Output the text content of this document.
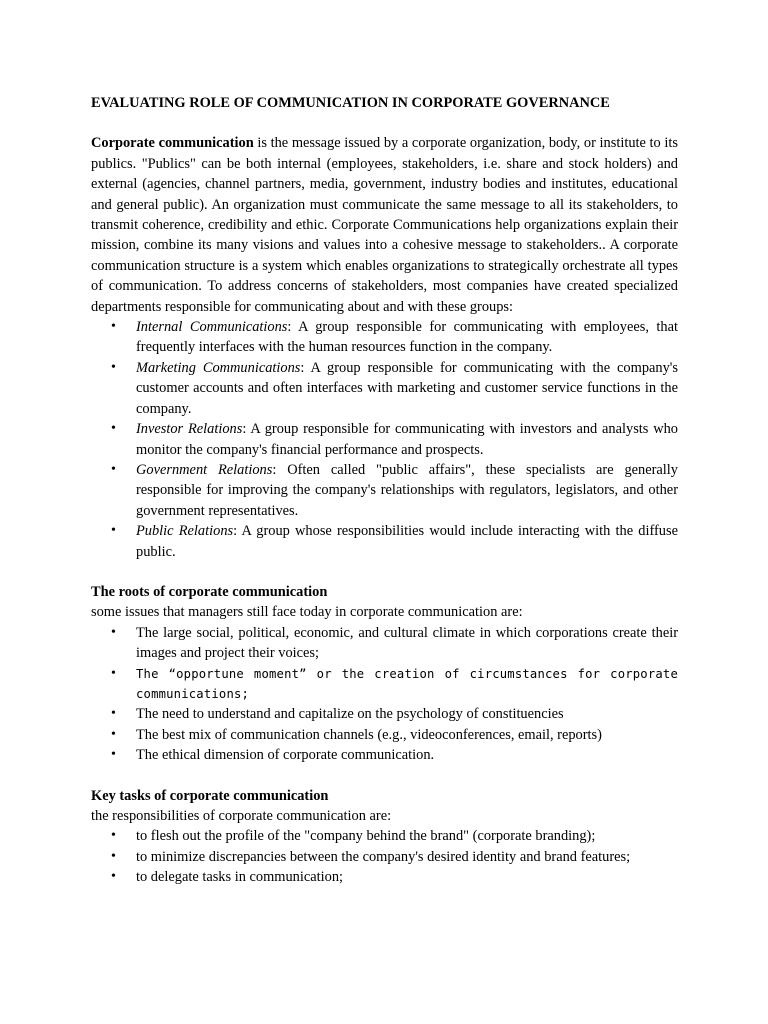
EVALUATING ROLE OF COMMUNICATION IN CORPORATE GOVERNANCE

Corporate communication is the message issued by a corporate organization, body, or institute to its publics. "Publics" can be both internal (employees, stakeholders, i.e. share and stock holders) and external (agencies, channel partners, media, government, industry bodies and institutes, educational and general public). An organization must communicate the same message to all its stakeholders, to transmit coherence, credibility and ethic. Corporate Communications help organizations explain their mission, combine its many visions and values into a cohesive message to stakeholders.. A corporate communication structure is a system which enables organizations to strategically orchestrate all types of communication. To address concerns of stakeholders, most companies have created specialized departments responsible for communicating about and with these groups:

• Internal Communications: A group responsible for communicating with employees, that frequently interfaces with the human resources function in the company.
• Marketing Communications: A group responsible for communicating with the company's customer accounts and often interfaces with marketing and customer service functions in the company.
• Investor Relations: A group responsible for communicating with investors and analysts who monitor the company's financial performance and prospects.
• Government Relations: Often called "public affairs", these specialists are generally responsible for improving the company's relationships with regulators, legislators, and other government representatives.
• Public Relations: A group whose responsibilities would include interacting with the diffuse public.
The roots of corporate communication

some issues that managers still face today in corporate communication are:

• The large social, political, economic, and cultural climate in which corporations create their images and project their voices;
• The “opportune moment” or the creation of circumstances for corporate communications;
• The need to understand and capitalize on the psychology of constituencies
• The best mix of communication channels (e.g., videoconferences, email, reports)
• The ethical dimension of corporate communication.
Key tasks of corporate communication

the responsibilities of corporate communication are:

• to flesh out the profile of the "company behind the brand" (corporate branding);
• to minimize discrepancies between the company's desired identity and brand features;
• to delegate tasks in communication;
